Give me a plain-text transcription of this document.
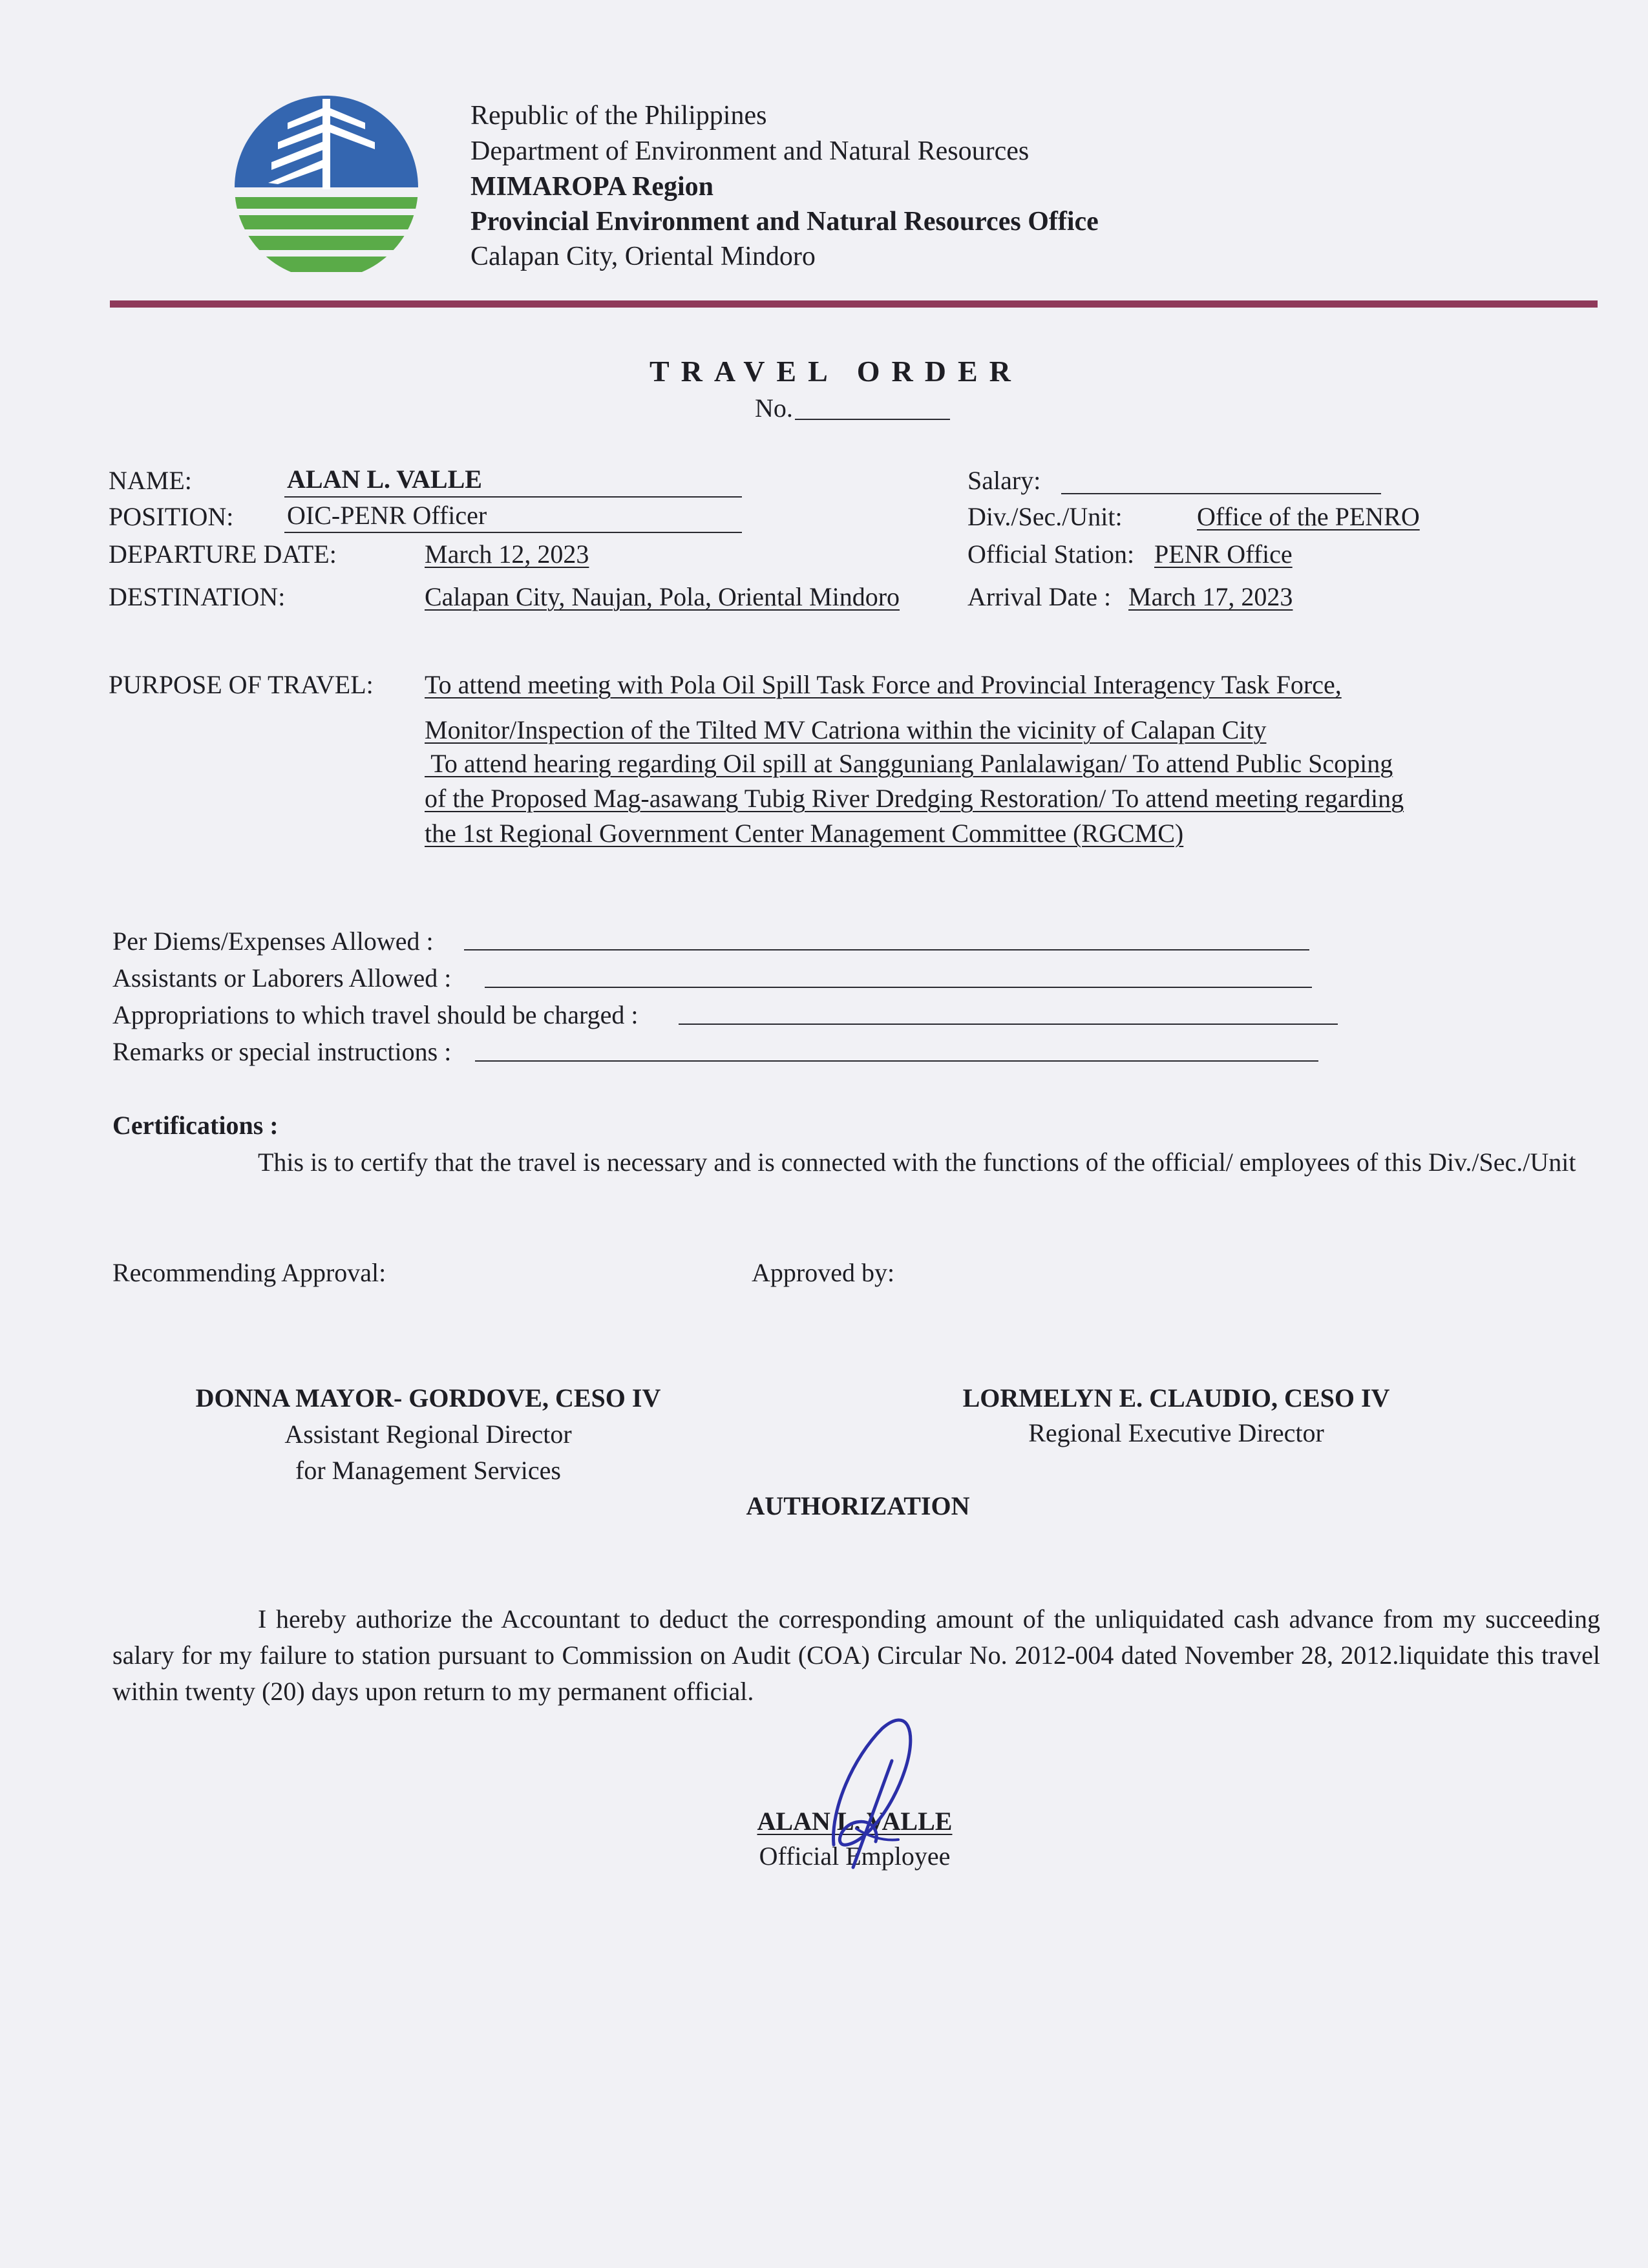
Republic of the Philippines
Department of Environment and Natural Resources
MIMAROPA Region
Provincial Environment and Natural Resources Office
Calapan City, Oriental Mindoro
TRAVEL ORDER
No.
NAME:	ALAN L. VALLE
POSITION: OIC-PENR Officer
DEPARTURE DATE:	March 12, 2023
DESTINATION:	Calapan City, Naujan, Pola, Oriental Mindoro
Salary:
Div./Sec./Unit:	Office of the PENRO
Official Station: PENR Office
Arrival Date : March 17, 2023
PURPOSE OF TRAVEL: To attend meeting with Pola Oil Spill Task Force and Provincial Interagency Task Force,
Monitor/Inspection of the Tilted MV Catriona within the vicinity of Calapan City
To attend hearing regarding Oil spill at Sangguniang Panlalawigan/ To attend Public Scoping
of the Proposed Mag-asawang Tubig River Dredging Restoration/ To attend meeting regarding
the 1st Regional Government Center Management Committee (RGCMC)
Per Diems/Expenses Allowed :
Assistants or Laborers Allowed :
Appropriations to which travel should be charged :
Remarks or special instructions :
Certifications :
This is to certify that the travel is necessary and is connected with the functions of the official/ employees of this Div./Sec./Unit
Recommending Approval:	Approved by:
DONNA MAYOR- GORDOVE, CESO IV
Assistant Regional Director
for Management Services
LORMELYN E. CLAUDIO, CESO IV
Regional Executive Director
AUTHORIZATION
I hereby authorize the Accountant to deduct the corresponding amount of the unliquidated cash advance from my succeeding salary for my failure to station pursuant to Commission on Audit (COA) Circular No. 2012-004 dated November 28, 2012.liquidate this travel within twenty (20) days upon return to my permanent official.
ALAN L. VALLE
Official Employee
